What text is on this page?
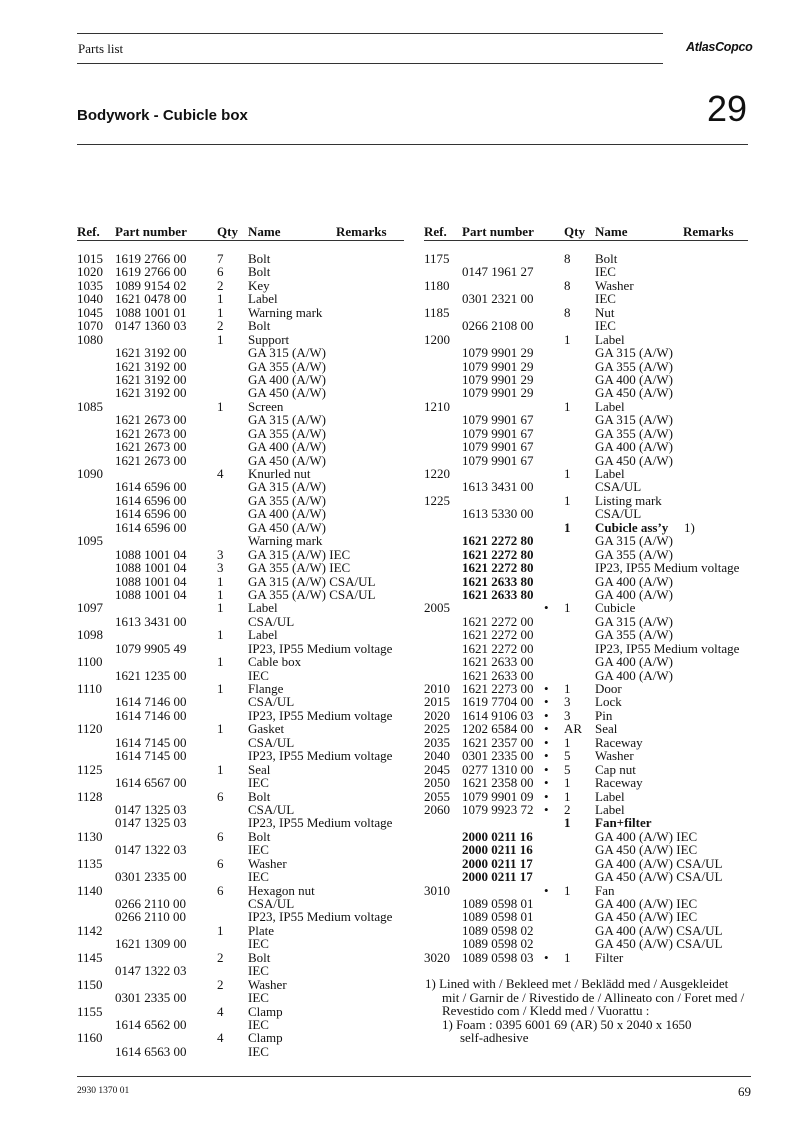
Parts list	AtlasCopco
Bodywork - Cubicle box	29
Ref. Part number Qty Name	Remarks	Ref. Part number Qty Name	Remarks
1015 1619 2766 00 7 Bolt
1020 1619 2766 00 6 Bolt
1035 1089 9154 02 2 Key
1040 1621 0478 00 1 Label
1045 1088 1001 01 1 Warning mark
1070 0147 1360 03 2 Bolt
1080	1 Support
1621 3192 00	GA 315 (A/W)
1621 3192 00	GA 355 (A/W)
1621 3192 00	GA 400 (A/W)
1621 3192 00	GA 450 (A/W)
1085	1 Screen
1621 2673 00	GA 315 (A/W)
1621 2673 00	GA 355 (A/W)
1621 2673 00	GA 400 (A/W)
1621 2673 00	GA 450 (A/W)
1090	4 Knurled nut
1614 6596 00	GA 315 (A/W)
1614 6596 00	GA 355 (A/W)
1614 6596 00	GA 400 (A/W)
1614 6596 00	GA 450 (A/W)
1095	Warning mark
1088 1001 04 3 GA 315 (A/W) IEC
1088 1001 04 3 GA 355 (A/W) IEC
1088 1001 04 1 GA 315 (A/W) CSA/UL
1088 1001 04 1 GA 355 (A/W) CSA/UL
1097	1 Label
1613 3431 00	CSA/UL
1098	1 Label
1079 9905 49	IP23, IP55 Medium voltage
1100	1 Cable box
1621 1235 00	IEC
1110	1 Flange
1614 7146 00	CSA/UL
1614 7146 00	IP23, IP55 Medium voltage
1120	1 Gasket
1614 7145 00	CSA/UL
1614 7145 00	IP23, IP55 Medium voltage
1125	1 Seal
1614 6567 00	IEC
1128	6 Bolt
0147 1325 03	CSA/UL
0147 1325 03	IP23, IP55 Medium voltage
1130	6 Bolt
0147 1322 03	IEC
1135	6 Washer
0301 2335 00	IEC
1140	6 Hexagon nut
0266 2110 00	CSA/UL
0266 2110 00	IP23, IP55 Medium voltage
1142	1 Plate
1621 1309 00	IEC
1145	2 Bolt
0147 1322 03	IEC
1150	2 Washer
0301 2335 00	IEC
1155	4 Clamp
1614 6562 00	IEC
1160	4 Clamp
1614 6563 00	IEC
1175	8 Bolt
0147 1961 27	IEC
1180	8 Washer
0301 2321 00	IEC
1185	8 Nut
0266 2108 00	IEC
1200	1 Label
1079 9901 29	GA 315 (A/W)
1079 9901 29	GA 355 (A/W)
1079 9901 29	GA 400 (A/W)
1079 9901 29	GA 450 (A/W)
1210	1 Label
1079 9901 67	GA 315 (A/W)
1079 9901 67	GA 355 (A/W)
1079 9901 67	GA 400 (A/W)
1079 9901 67	GA 450 (A/W)
1220	1 Label
1613 3431 00	CSA/UL
1225	1 Listing mark
1613 5330 00	CSA/UL
1 Cubicle ass’y 1)
1621 2272 80	GA 315 (A/W)
1621 2272 80	GA 355 (A/W)
1621 2272 80	IP23, IP55 Medium voltage
1621 2633 80	GA 400 (A/W)
1621 2633 80	GA 400 (A/W)
2005	• 1 Cubicle
1621 2272 00	GA 315 (A/W)
1621 2272 00	GA 355 (A/W)
1621 2272 00	IP23, IP55 Medium voltage
1621 2633 00	GA 400 (A/W)
1621 2633 00	GA 400 (A/W)
2010 1621 2273 00 • 1 Door
2015 1619 7704 00 • 3 Lock
2020 1614 9106 03 • 3 Pin
2025 1202 6584 00 • AR Seal
2035 1621 2357 00 • 1 Raceway
2040 0301 2335 00 • 5 Washer
2045 0277 1310 00 • 5 Cap nut
2050 1621 2358 00 • 1 Raceway
2055 1079 9901 09 • 1 Label
2060 1079 9923 72 • 2 Label
1 Fan+filter
2000 0211 16	GA 400 (A/W) IEC
2000 0211 16	GA 450 (A/W) IEC
2000 0211 17	GA 400 (A/W) CSA/UL
2000 0211 17	GA 450 (A/W) CSA/UL
3010	• 1 Fan
1089 0598 01	GA 400 (A/W) IEC
1089 0598 01	GA 450 (A/W) IEC
1089 0598 02	GA 400 (A/W) CSA/UL
1089 0598 02	GA 450 (A/W) CSA/UL
3020 1089 0598 03 • 1 Filter
1) Lined with / Bekleed met / Beklädd med / Ausgekleidet
mit / Garnir de / Rivestido de / Allineato con / Foret med /
Revestido com / Kledd med / Vuorattu :
1) Foam : 0395 6001 69 (AR) 50 x 2040 x 1650
self-adhesive
2930 1370 01	69
